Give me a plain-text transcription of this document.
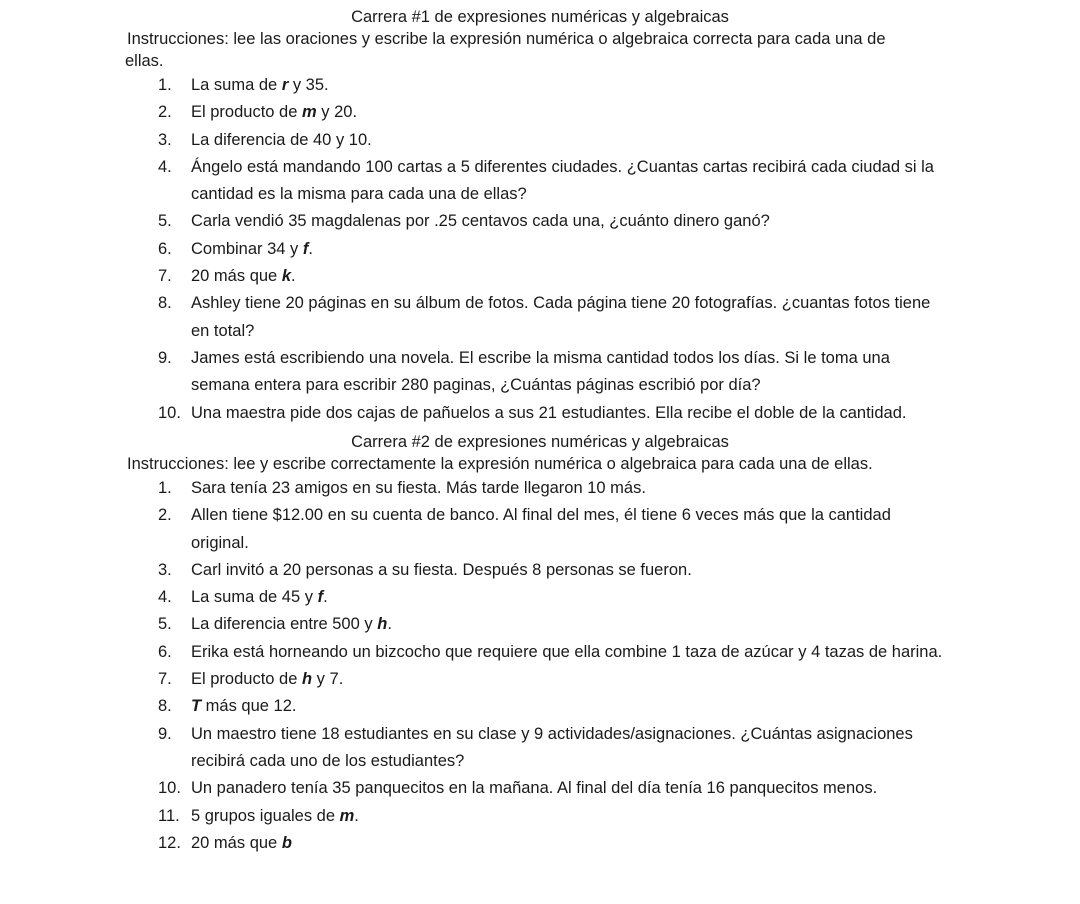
Carrera #1 de expresiones numéricas y algebraicas

Instrucciones: lee las oraciones y escribe la expresión numérica o algebraica correcta para cada una de
ellas.

1.	La suma de r y 35.
2.	El producto de m y 20.
3.	La diferencia de 40 y 10.
4.	Ángelo está mandando 100 cartas a 5 diferentes ciudades. ¿Cuantas cartas recibirá cada ciudad si la cantidad es la misma para cada una de ellas?
5.	Carla vendió 35 magdalenas por .25 centavos cada una, ¿cuánto dinero ganó?
6.	Combinar 34 y f.
7.	20 más que k.
8.	Ashley tiene 20 páginas en su álbum de fotos. Cada página tiene 20 fotografías. ¿cuantas fotos tiene en total?
9.	James está escribiendo una novela. El escribe la misma cantidad todos los días. Si le toma una semana entera para escribir 280 paginas, ¿Cuántas páginas escribió por día?
10. Una maestra pide dos cajas de pañuelos a sus 21 estudiantes. Ella recibe el doble de la cantidad.
Carrera #2 de expresiones numéricas y algebraicas

Instrucciones: lee y escribe correctamente la expresión numérica o algebraica para cada una de ellas.

1.	Sara tenía 23 amigos en su fiesta. Más tarde llegaron 10 más.
2.	Allen tiene $12.00 en su cuenta de banco. Al final del mes, él tiene 6 veces más que la cantidad original.
3.	Carl invitó a 20 personas a su fiesta. Después 8 personas se fueron.
4.	La suma de 45 y f.
5.	La diferencia entre 500 y h.
6.	Erika está horneando un bizcocho que requiere que ella combine 1 taza de azúcar y 4 tazas de harina.
7.	El producto de h y 7.
8.	T más que 12.
9.	Un maestro tiene 18 estudiantes en su clase y 9 actividades/asignaciones. ¿Cuántas asignaciones recibirá cada uno de los estudiantes?
10. Un panadero tenía 35 panquecitos en la mañana. Al final del día tenía 16 panquecitos menos.
11. 5 grupos iguales de m.
12. 20 más que b
